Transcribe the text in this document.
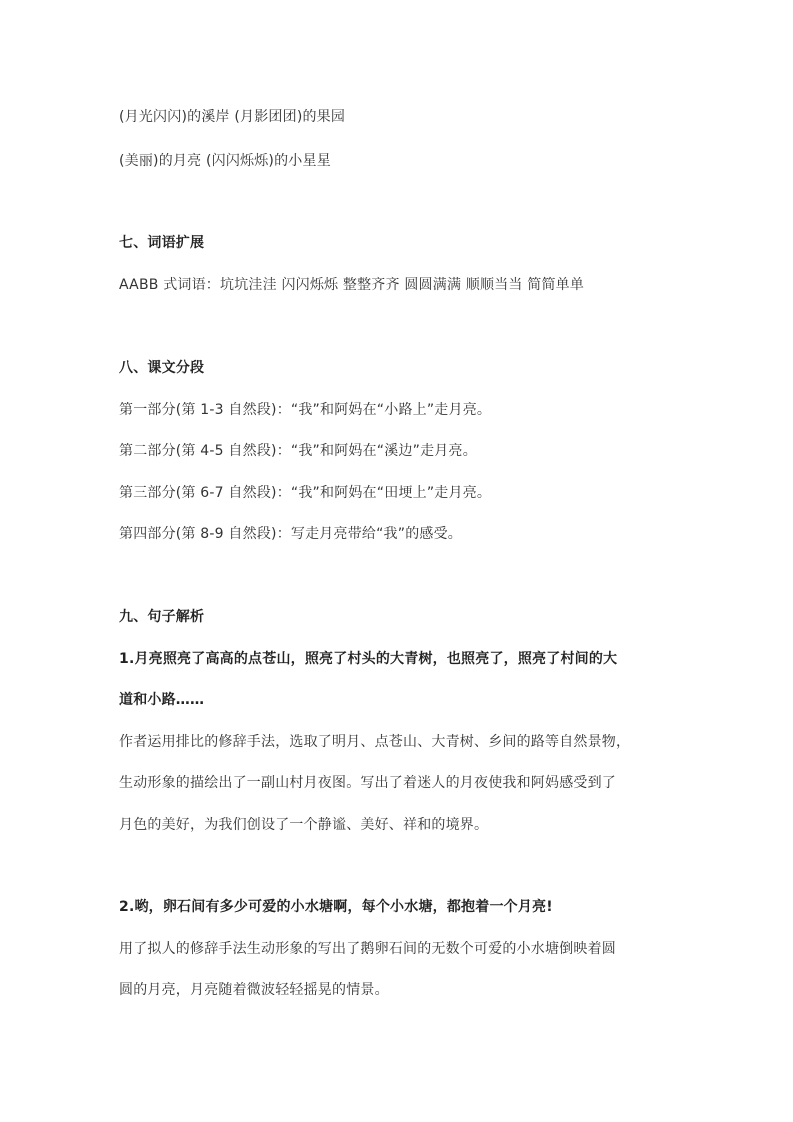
(月光闪闪)的溪岸 (月影团团)的果园
(美丽)的月亮 (闪闪烁烁)的小星星
七、词语扩展
AABB 式词语：坑坑洼洼 闪闪烁烁 整整齐齐 圆圆满满 顺顺当当 简简单单
八、课文分段
第一部分(第 1-3 自然段)：“我”和阿妈在“小路上”走月亮。
第二部分(第 4-5 自然段)：“我”和阿妈在“溪边”走月亮。
第三部分(第 6-7 自然段)：“我”和阿妈在“田埂上”走月亮。
第四部分(第 8-9 自然段)：写走月亮带给“我”的感受。
九、句子解析
1.月亮照亮了高高的点苍山，照亮了村头的大青树，也照亮了，照亮了村间的大
道和小路……
作者运用排比的修辞手法，选取了明月、点苍山、大青树、乡间的路等自然景物，
生动形象的描绘出了一副山村月夜图。写出了着迷人的月夜使我和阿妈感受到了
月色的美好，为我们创设了一个静谧、美好、祥和的境界。
2.哟，卵石间有多少可爱的小水塘啊，每个小水塘，都抱着一个月亮!
用了拟人的修辞手法生动形象的写出了鹅卵石间的无数个可爱的小水塘倒映着圆
圆的月亮，月亮随着微波轻轻摇晃的情景。
